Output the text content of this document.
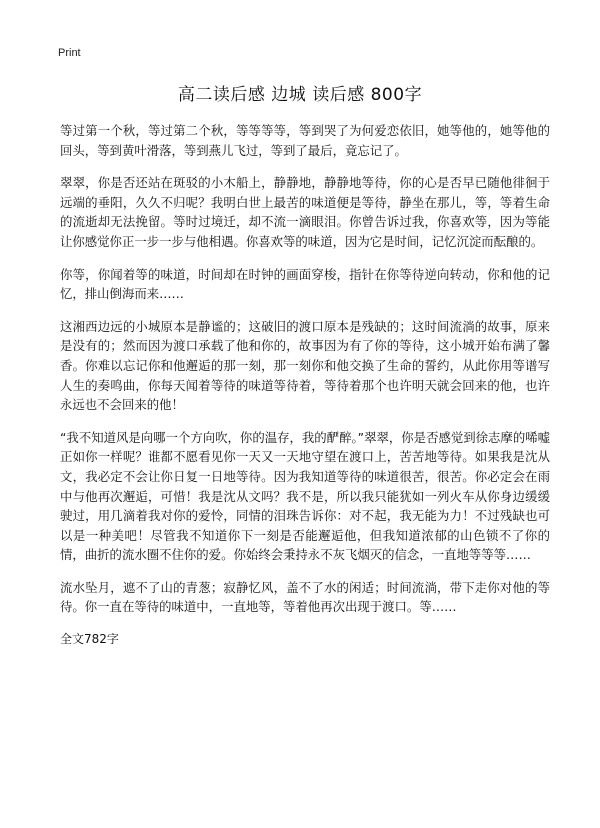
Print
高二读后感 边城 读后感 800字

等过第一个秋，等过第二个秋，等等等等，等到哭了为何爱恋依旧，她等他的，她等他的回头，等到黄叶滑落，等到燕儿飞过，等到了最后，竟忘记了。

翠翠，你是否还站在斑驳的小木船上，静静地，静静地等待，你的心是否早已随他徘徊于远端的垂阳，久久不归呢？我明白世上最苦的味道便是等待，静坐在那儿，等，等着生命的流逝却无法挽留。等时过境迁，却不流一滴眼泪。你曾告诉过我，你喜欢等，因为等能让你感觉你正一步一步与他相遇。你喜欢等的味道，因为它是时间，记忆沉淀而酝酿的。

你等，你闻着等的味道，时间却在时钟的画面穿梭，指针在你等待逆向转动，你和他的记忆，排山倒海而来……

这湘西边远的小城原本是静谧的；这破旧的渡口原本是残缺的；这时间流淌的故事，原来是没有的；然而因为渡口承载了他和你的，故事因为有了你的等待，这小城开始布满了馨香。你难以忘记你和他邂逅的那一刻，那一刻你和他交换了生命的誓约，从此你用等谱写人生的奏鸣曲，你每天闻着等待的味道等待着，等待着那个也许明天就会回来的他，也许永远也不会回来的他！

“我不知道风是向哪一个方向吹，你的温存，我的酽醉。”翠翠，你是否感觉到徐志摩的唏嘘正如你一样呢？谁都不愿看见你一天又一天地守望在渡口上，苦苦地等待。如果我是沈从文，我必定不会让你日复一日地等待。因为我知道等待的味道很苦，很苦。你必定会在雨中与他再次邂逅，可惜！我是沈从文吗？我不是，所以我只能犹如一列火车从你身边缓缓驶过，用几滴着我对你的爱怜，同情的泪珠告诉你：对不起，我无能为力！不过残缺也可以是一种美吧！尽管我不知道你下一刻是否能邂逅他，但我知道浓郁的山色锁不了你的情，曲折的流水圈不住你的爱。你始终会秉持永不灰飞烟灭的信念，一直地等等等……

流水坠月，遮不了山的青葱；寂静忆风，盖不了水的闲适；时间流淌，带下走你对他的等待。你一直在等待的味道中，一直地等，等着他再次出现于渡口。等……

全文782字
